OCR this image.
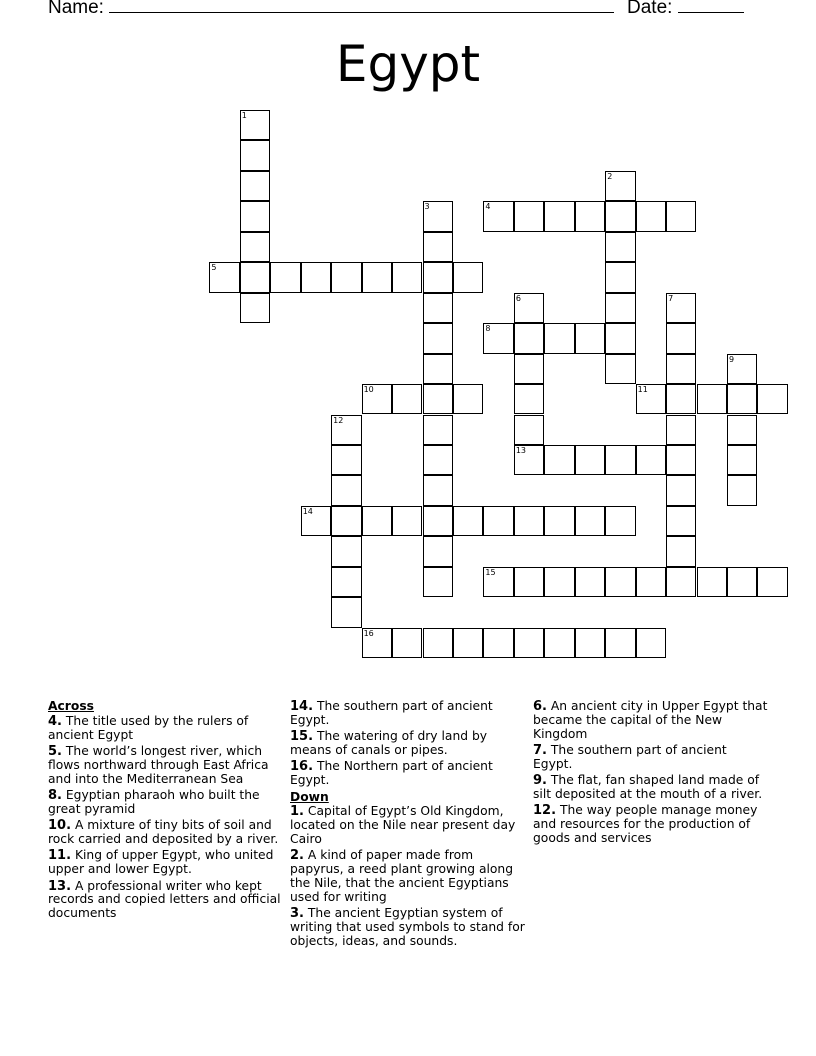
Name:	Date:
Egypt
1
2
3	4
5
6
13
7
8
9
10	11
12
14
15
16
Across
4. The title used by the rulers of ancient Egypt
5. The world’s longest river, which flows northward through East Africa and into the Mediterranean Sea
8. Egyptian pharaoh who built the great pyramid
10. A mixture of tiny bits of soil and rock carried and deposited by a river.
11. King of upper Egypt, who united upper and lower Egypt.
13. A professional writer who kept records and copied letters and official documents
14. The southern part of ancient Egypt.
15. The watering of dry land by means of canals or pipes.
16. The Northern part of ancient Egypt.
Down
1. Capital of Egypt’s Old Kingdom, located on the Nile near present day Cairo
2. A kind of paper made from papyrus, a reed plant growing along the Nile, that the ancient Egyptians used for writing
3. The ancient Egyptian system of writing that used symbols to stand for objects, ideas, and sounds.
6. An ancient city in Upper Egypt that became the capital of the New Kingdom
7. The southern part of ancient Egypt.
9. The flat, fan shaped land made of silt deposited at the mouth of a river.
12. The way people manage money and resources for the production of goods and services
